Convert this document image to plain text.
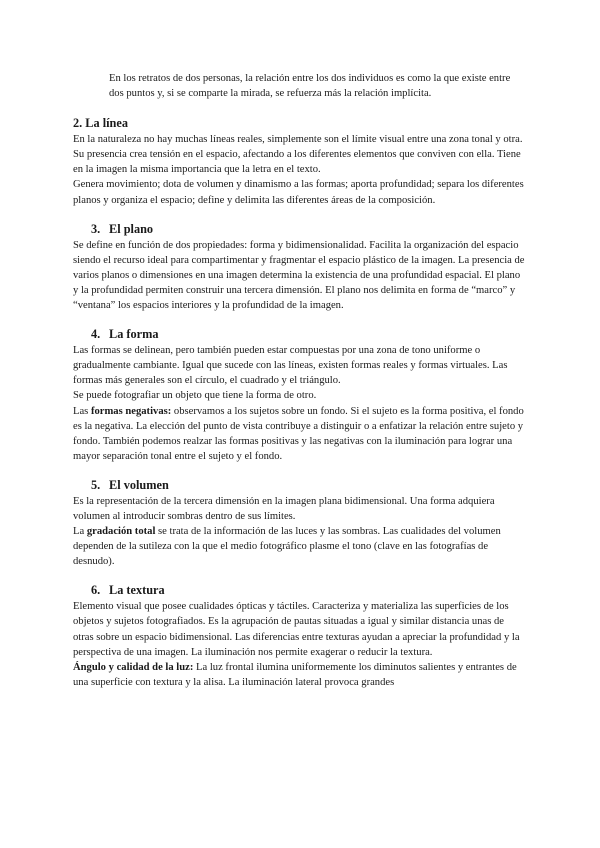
En los retratos de dos personas, la relación entre los dos individuos es como la que existe entre dos puntos y, si se comparte la mirada, se refuerza más la relación implícita.

2. La línea

En la naturaleza no hay muchas líneas reales, simplemente son el límite visual entre una zona tonal y otra. Su presencia crea tensión en el espacio, afectando a los diferentes elementos que conviven con ella. Tiene en la imagen la misma importancia que la letra en el texto.

Genera movimiento; dota de volumen y dinamismo a las formas; aporta profundidad; separa los diferentes planos y organiza el espacio; define y delimita las diferentes áreas de la composición.

3. El plano

Se define en función de dos propiedades: forma y bidimensionalidad. Facilita la organización del espacio siendo el recurso ideal para compartimentar y fragmentar el espacio plástico de la imagen. La presencia de varios planos o dimensiones en una imagen determina la existencia de una profundidad espacial. El plano y la profundidad permiten construir una tercera dimensión. El plano nos delimita en forma de “marco” y “ventana” los espacios interiores y la profundidad de la imagen.

4. La forma

Las formas se delinean, pero también pueden estar compuestas por una zona de tono uniforme o gradualmente cambiante. Igual que sucede con las líneas, existen formas reales y formas virtuales. Las formas más generales son el círculo, el cuadrado y el triángulo.

Se puede fotografiar un objeto que tiene la forma de otro.

Las formas negativas: observamos a los sujetos sobre un fondo. Si el sujeto es la forma positiva, el fondo es la negativa. La elección del punto de vista contribuye a distinguir o a enfatizar la relación entre sujeto y fondo. También podemos realzar las formas positivas y las negativas con la iluminación para lograr una mayor separación tonal entre el sujeto y el fondo.

5. El volumen

Es la representación de la tercera dimensión en la imagen plana bidimensional. Una forma adquiera volumen al introducir sombras dentro de sus límites.

La gradación total se trata de la información de las luces y las sombras. Las cualidades del volumen dependen de la sutileza con la que el medio fotográfico plasme el tono (clave en las fotografías de desnudo).

6. La textura

Elemento visual que posee cualidades ópticas y táctiles. Caracteriza y materializa las superficies de los objetos y sujetos fotografiados. Es la agrupación de pautas situadas a igual y similar distancia unas de otras sobre un espacio bidimensional. Las diferencias entre texturas ayudan a apreciar la profundidad y la perspectiva de una imagen. La iluminación nos permite exagerar o reducir la textura.

Ángulo y calidad de la luz: La luz frontal ilumina uniformemente los diminutos salientes y entrantes de una superficie con textura y la alisa. La iluminación lateral provoca grandes
